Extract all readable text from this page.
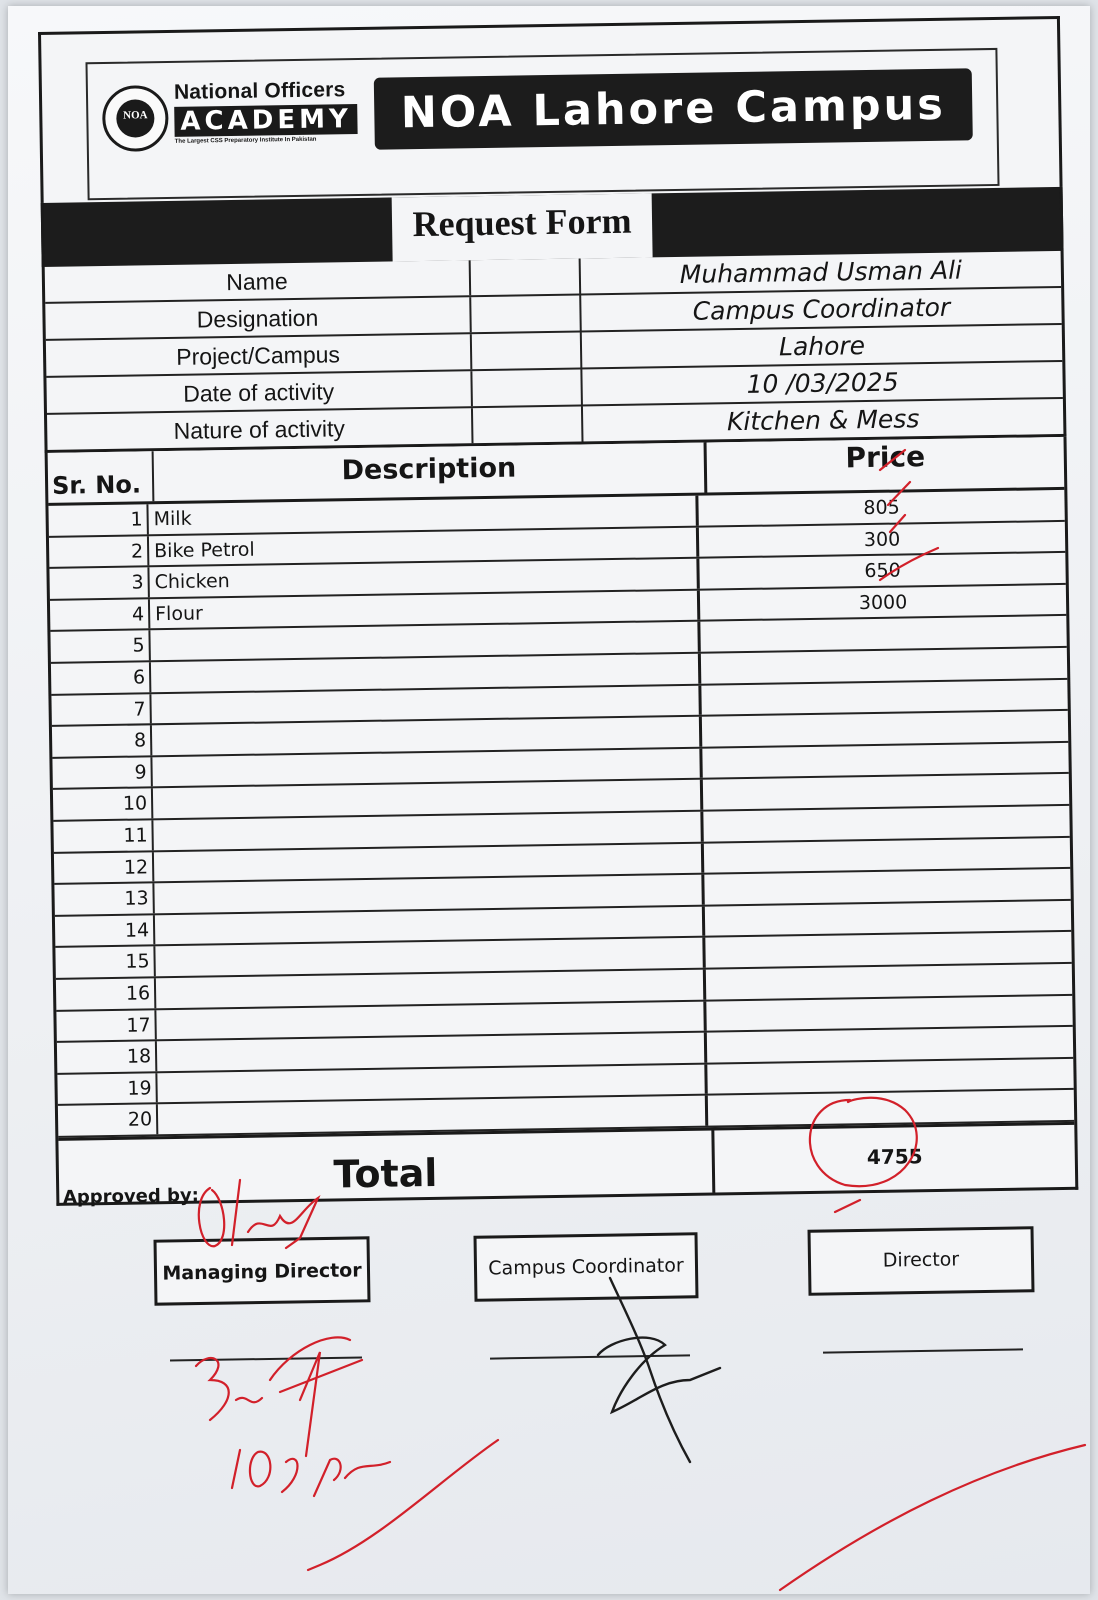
NOA
National Officers
ACADEMY
The Largest CSS Preparatory Institute In Pakistan
NOA Lahore Campus
Request Form
Name	Muhammad Usman Ali
Designation	Campus Coordinator
Project/Campus	Lahore
Date of activity	10 /03/2025
Nature of activity	Kitchen & Mess
Sr. No.	Description	Price
1 Milk	805
2 Bike Petrol	300
3 Chicken	650
4 Flour	3000
5
6
7
8
9
10
11
12
13
14
15
16
17
18
19
20
Total	4755
Approved by:
Managing Director	Campus Coordinator	Director
